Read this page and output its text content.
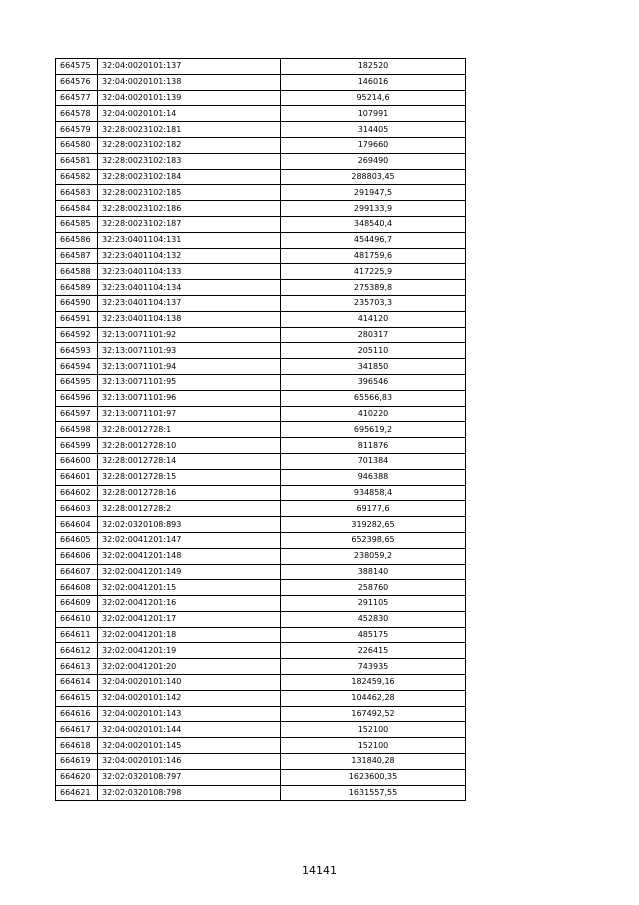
664575	32:04:0020101:137	182520
664576	32:04:0020101:138	146016
664577	32:04:0020101:139	95214,6
664578	32:04:0020101:14	107991
664579	32:28:0023102:181	314405
664580	32:28:0023102:182	179660
664581	32:28:0023102:183	269490
664582	32:28:0023102:184	288803,45
664583	32:28:0023102:185	291947,5
664584	32:28:0023102:186	299133,9
664585	32:28:0023102:187	348540,4
664586	32:23:0401104:131	454496,7
664587	32:23:0401104:132	481759,6
664588	32:23:0401104:133	417225,9
664589	32:23:0401104:134	275389,8
664590	32:23:0401104:137	235703,3
664591	32:23:0401104:138	414120
664592	32:13:0071101:92	280317
664593	32:13:0071101:93	205110
664594	32:13:0071101:94	341850
664595	32:13:0071101:95	396546
664596	32:13:0071101:96	65566,83
664597	32:13:0071101:97	410220
664598	32:28:0012728:1	695619,2
664599	32:28:0012728:10	811876
664600	32:28:0012728:14	701384
664601	32:28:0012728:15	946388
664602	32:28:0012728:16	934858,4
664603	32:28:0012728:2	69177,6
664604	32:02:0320108:893	319282,65
664605	32:02:0041201:147	652398,65
664606	32:02:0041201:148	238059,2
664607	32:02:0041201:149	388140
664608	32:02:0041201:15	258760
664609	32:02:0041201:16	291105
664610	32:02:0041201:17	452830
664611	32:02:0041201:18	485175
664612	32:02:0041201:19	226415
664613	32:02:0041201:20	743935
664614	32:04:0020101:140	182459,16
664615	32:04:0020101:142	104462,28
664616	32:04:0020101:143	167492,52
664617	32:04:0020101:144	152100
664618	32:04:0020101:145	152100
664619	32:04:0020101:146	131840,28
664620	32:02:0320108:797	1623600,35
664621	32:02:0320108:798	1631557,55
14141
